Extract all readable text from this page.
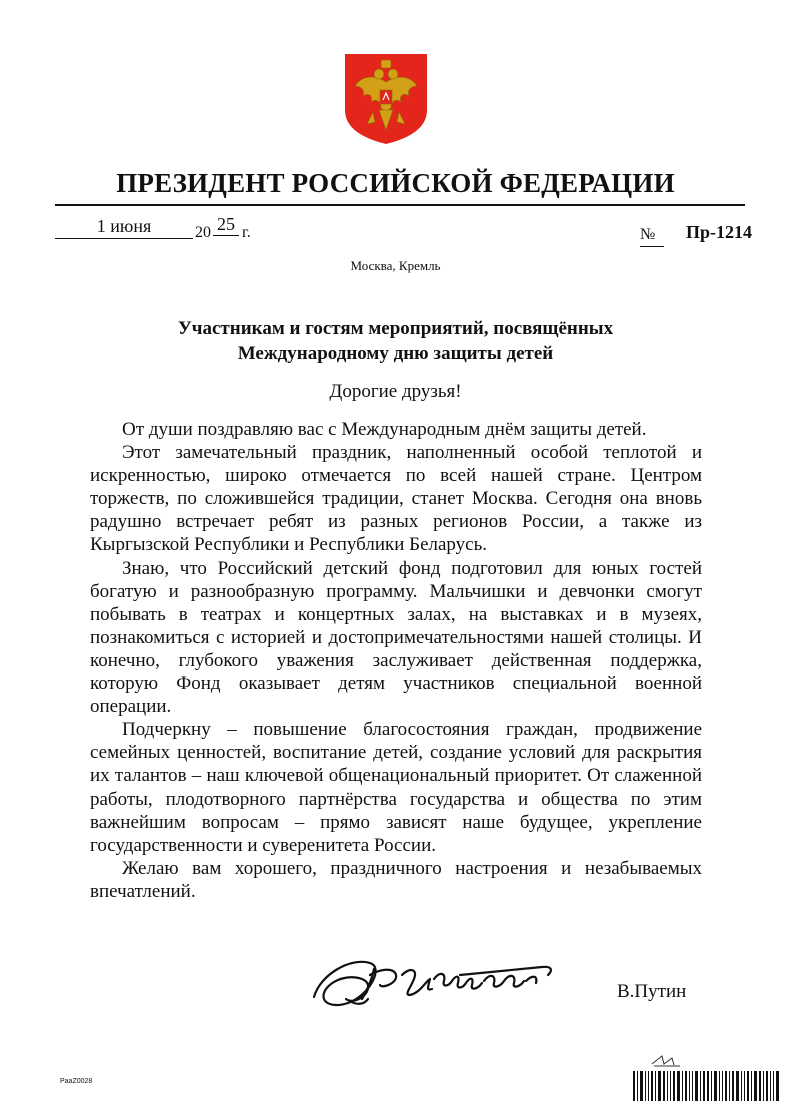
ПРЕЗИДЕНТ РОССИЙСКОЙ ФЕДЕРАЦИИ
1 июня	20 25 г.	№ Пр-1214
Москва, Кремль
Участникам и гостям мероприятий, посвящённых
Международному дню защиты детей
Дорогие друзья!

От души поздравляю вас с Международным днём защиты детей.

Этот замечательный праздник, наполненный особой теплотой и искренностью, широко отмечается по всей нашей стране. Центром торжеств, по сложившейся традиции, станет Москва. Сегодня она вновь радушно встречает ребят из разных регионов России, а также из Кыргызской Республики и Республики Беларусь.

Знаю, что Российский детский фонд подготовил для юных гостей богатую и разнообразную программу. Мальчишки и девчонки смогут побывать в театрах и концертных залах, на выставках и в музеях, познакомиться с историей и достопримечательностями нашей столицы. И конечно, глубокого уважения заслуживает действенная поддержка, которую Фонд оказывает детям участников специальной военной операции.

Подчеркну – повышение благосостояния граждан, продвижение семейных ценностей, воспитание детей, создание условий для раскрытия их талантов – наш ключевой общенациональный приоритет. От слаженной работы, плодотворного партнёрства государства и общества по этим важнейшим вопросам – прямо зависят наше будущее, укрепление государственности и суверенитета России.

Желаю вам хорошего, праздничного настроения и незабываемых впечатлений.

В.Путин
PaaZ0028
